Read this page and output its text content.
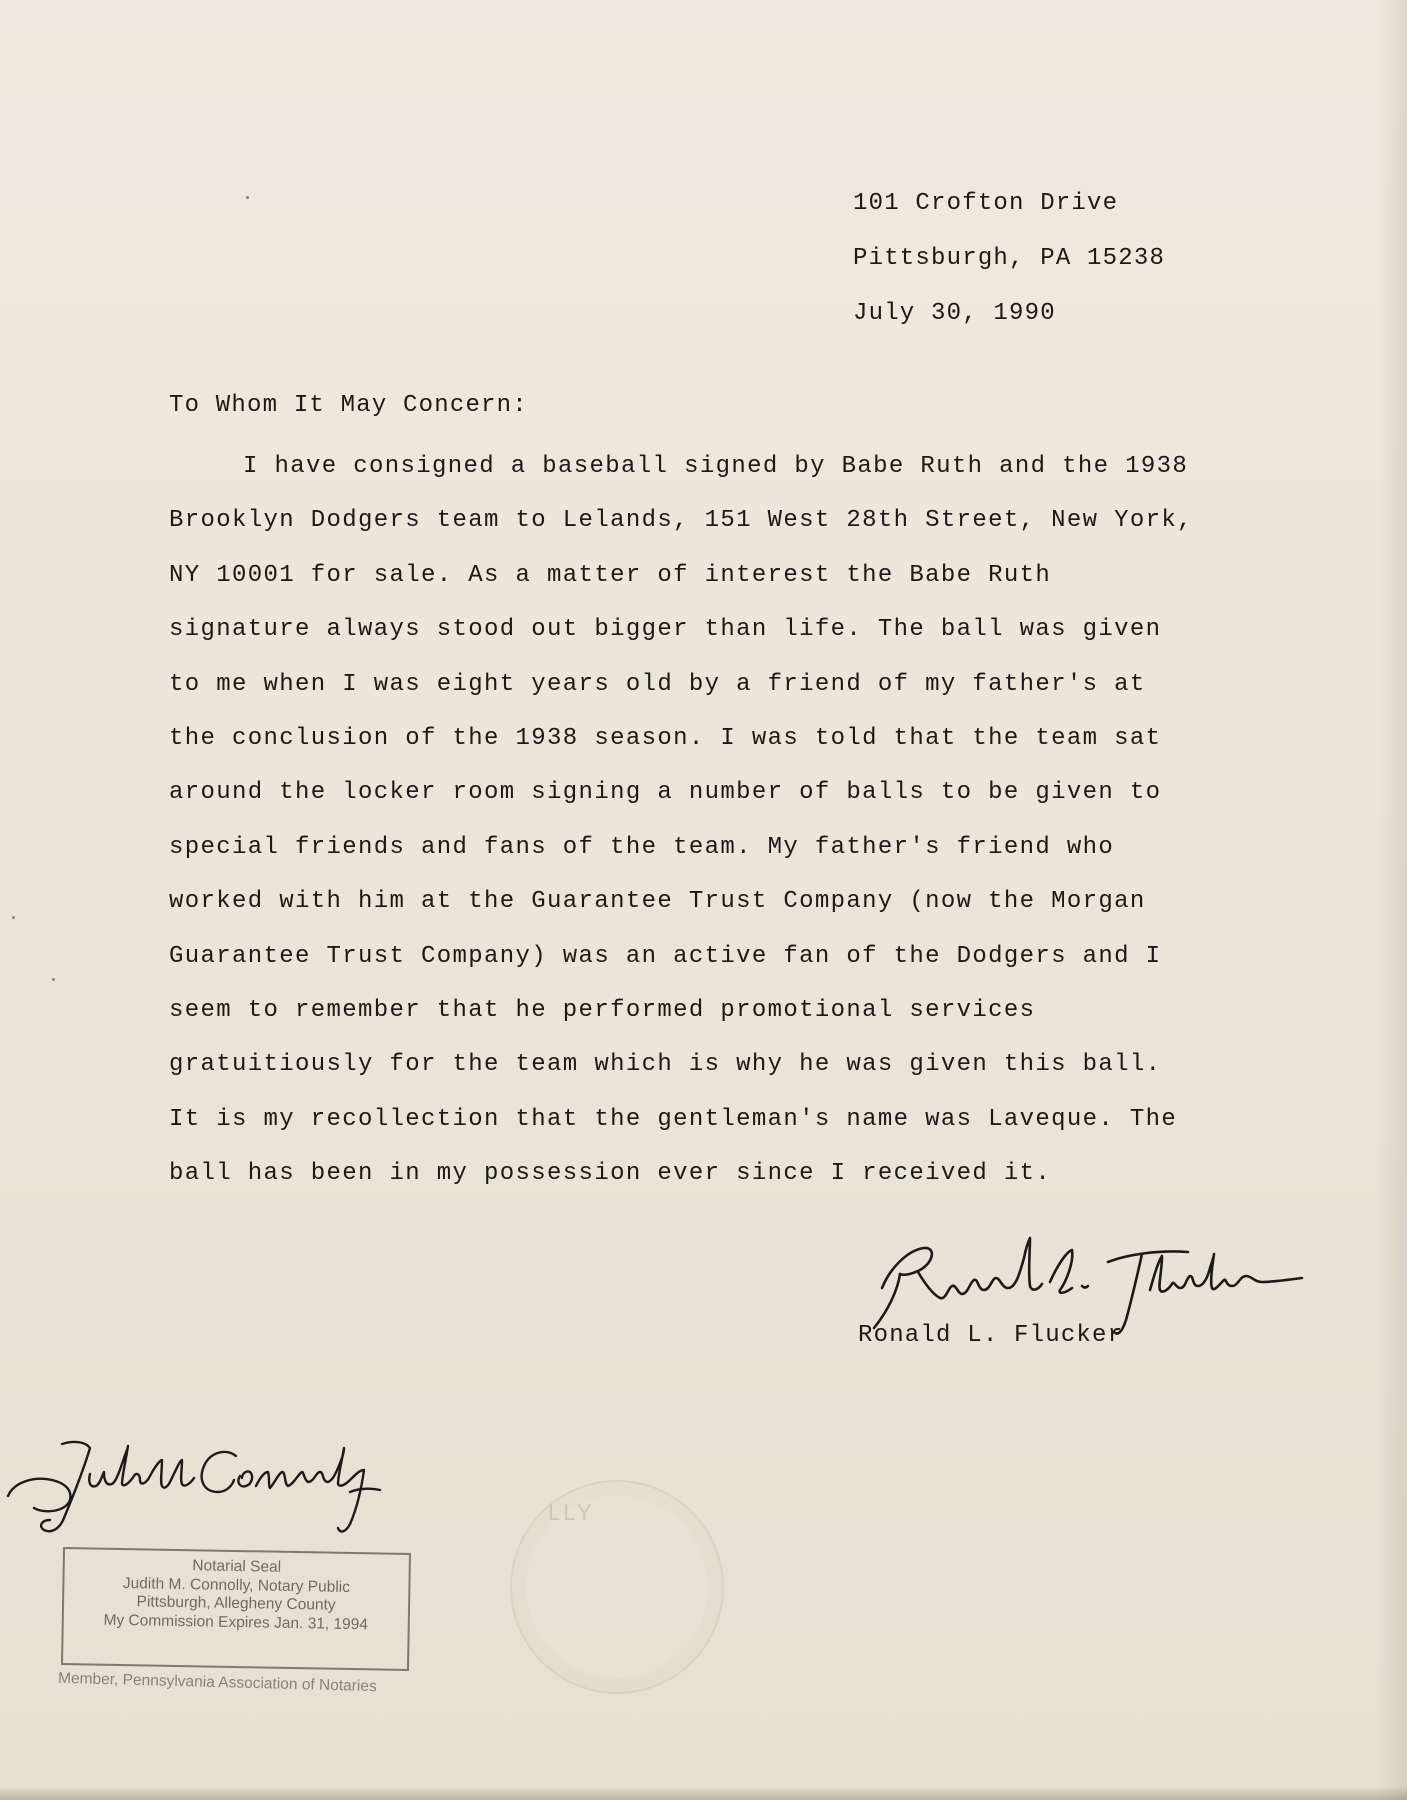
101 Crofton Drive
Pittsburgh, PA 15238
July 30, 1990
To Whom It May Concern:
I have consigned a baseball signed by Babe Ruth and the 1938
Brooklyn Dodgers team to Lelands, 151 West 28th Street, New York,
NY 10001 for sale. As a matter of interest the Babe Ruth
signature always stood out bigger than life. The ball was given
to me when I was eight years old by a friend of my father's at
the conclusion of the 1938 season. I was told that the team sat
around the locker room signing a number of balls to be given to
special friends and fans of the team. My father's friend who
worked with him at the Guarantee Trust Company (now the Morgan
Guarantee Trust Company) was an active fan of the Dodgers and I
seem to remember that he performed promotional services
gratuitiously for the team which is why he was given this ball.
It is my recollection that the gentleman's name was Laveque. The
ball has been in my possession ever since I received it.
Ronald L. Flucker
LLY
Notarial Seal
Judith M. Connolly, Notary Public
Pittsburgh, Allegheny County
My Commission Expires Jan. 31, 1994
Member, Pennsylvania Association of Notaries
